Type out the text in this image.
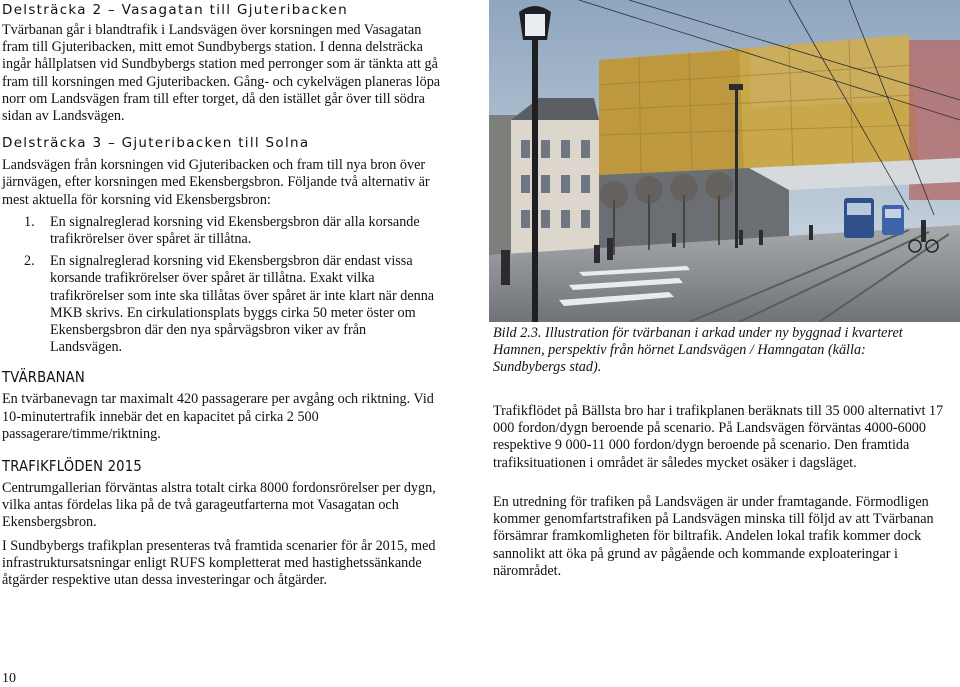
Delsträcka 2 – Vasagatan till Gjuteribacken

Tvärbanan går i blandtrafik i Landsvägen över korsningen med Vasagatan fram till Gjuteribacken, mitt emot Sundbybergs station. I denna delsträcka ingår hållplatsen vid Sundbybergs station med perronger som är tänkta att gå fram till korsningen med Gjuteribacken. Gång- och cykelvägen planeras löpa norr om Landsvägen fram till efter torget, då den istället går över till södra sidan av Landsvägen.

Delsträcka 3 – Gjuteribacken till Solna

Landsvägen från korsningen vid Gjuteribacken och fram till nya bron över järnvägen, efter korsningen med Ekensbergsbron. Följande två alternativ är mest aktuella för korsning vid Ekensbergsbron:

1.	En signalreglerad korsning vid Ekensbergsbron där alla korsande trafikrörelser över spåret är tillåtna.
2.	En signalreglerad korsning vid Ekensbergsbron där endast vissa korsande trafikrörelser över spåret är tillåtna. Exakt vilka trafikrörelser som inte ska tillåtas över spåret är inte klart när denna MKB skrivs. En cirkulationsplats byggs cirka 50 meter öster om Ekensbergsbron där den nya spårvägsbron viker av från Landsvägen.
TVÄRBANAN

En tvärbanevagn tar maximalt 420 passagerare per avgång och riktning. Vid 10-minutertrafik innebär det en kapacitet på cirka 2 500 passagerare/timme/riktning.

TRAFIKFLÖDEN 2015

Centrumgallerian förväntas alstra totalt cirka 8000 fordonsrörelser per dygn, vilka antas fördelas lika på de två garageutfarterna mot Vasagatan och Ekensbergsbron.

I Sundbybergs trafikplan presenteras två framtida scenarier för år 2015, med infrastruktursatsningar enligt RUFS kompletterat med hastighetssänkande åtgärder respektive utan dessa investeringar och åtgärder.

Bild 2.3. Illustration för tvärbanan i arkad under ny byggnad i kvarteret Hamnen, perspektiv från hörnet Landsvägen / Hamngatan (källa: Sundbybergs stad).

Trafikflödet på Bällsta bro har i trafikplanen beräknats till 35 000 alternativt 17 000 fordon/dygn beroende på scenario. På Landsvägen förväntas 4000-6000 respektive 9 000-11 000 fordon/dygn beroende på scenario. Den framtida trafiksituationen i området är således mycket osäker i dagsläget.

En utredning för trafiken på Landsvägen är under framtagande. Förmodligen kommer genomfartstrafiken på Landsvägen minska till följd av att Tvärbanan försämrar framkomligheten för biltrafik. Andelen lokal trafik kommer dock sannolikt att öka på grund av pågående och kommande exploateringar i närområdet.

10
